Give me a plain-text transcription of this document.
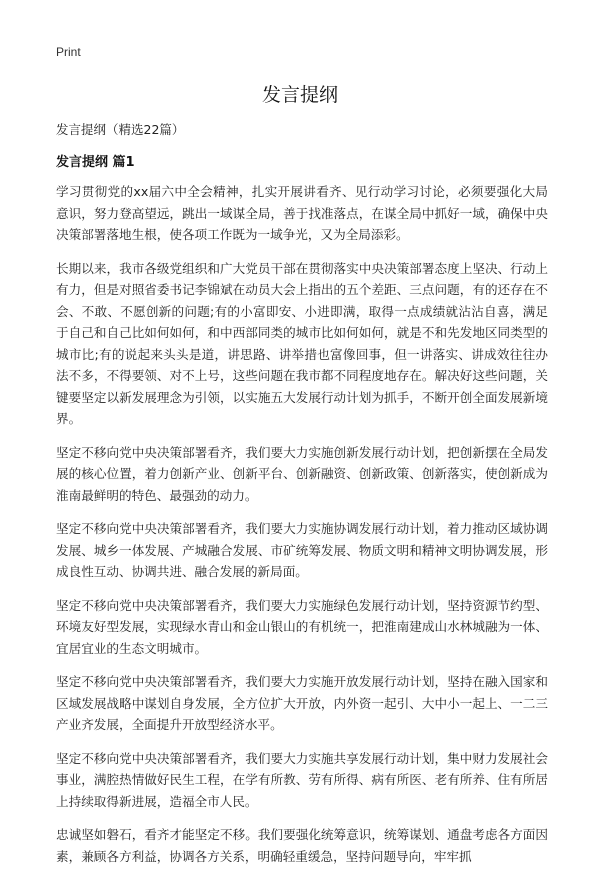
Print
发言提纲
发言提纲（精选22篇）
发言提纲 篇1

学习贯彻党的xx届六中全会精神，扎实开展讲看齐、见行动学习讨论，必须要强化大局意识，努力登高望远，跳出一域谋全局，善于找准落点，在谋全局中抓好一域，确保中央决策部署落地生根，使各项工作既为一域争光，又为全局添彩。

长期以来，我市各级党组织和广大党员干部在贯彻落实中央决策部署态度上坚决、行动上有力，但是对照省委书记李锦斌在动员大会上指出的五个差距、三点问题，有的还存在不会、不敢、不愿创新的问题;有的小富即安、小进即满，取得一点成绩就沾沾自喜，满足于自己和自己比如何如何，和中西部同类的城市比如何如何，就是不和先发地区同类型的城市比;有的说起来头头是道，讲思路、讲举措也富像回事，但一讲落实、讲成效往往办法不多，不得要领、对不上号，这些问题在我市都不同程度地存在。解决好这些问题，关键要坚定以新发展理念为引领，以实施五大发展行动计划为抓手，不断开创全面发展新境界。

坚定不移向党中央决策部署看齐，我们要大力实施创新发展行动计划，把创新摆在全局发展的核心位置，着力创新产业、创新平台、创新融资、创新政策、创新落实，使创新成为淮南最鲜明的特色、最强劲的动力。

坚定不移向党中央决策部署看齐，我们要大力实施协调发展行动计划，着力推动区域协调发展、城乡一体发展、产城融合发展、市矿统筹发展、物质文明和精神文明协调发展，形成良性互动、协调共进、融合发展的新局面。

坚定不移向党中央决策部署看齐，我们要大力实施绿色发展行动计划，坚持资源节约型、环境友好型发展，实现绿水青山和金山银山的有机统一，把淮南建成山水林城融为一体、宜居宜业的生态文明城市。

坚定不移向党中央决策部署看齐，我们要大力实施开放发展行动计划，坚持在融入国家和区域发展战略中谋划自身发展，全方位扩大开放，内外资一起引、大中小一起上、一二三产业齐发展，全面提升开放型经济水平。

坚定不移向党中央决策部署看齐，我们要大力实施共享发展行动计划，集中财力发展社会事业，满腔热情做好民生工程，在学有所教、劳有所得、病有所医、老有所养、住有所居上持续取得新进展，造福全市人民。

忠诚坚如磐石，看齐才能坚定不移。我们要强化统筹意识，统筹谋划、通盘考虑各方面因素，兼顾各方利益，协调各方关系，明确轻重缓急，坚持问题导向，牢牢抓
